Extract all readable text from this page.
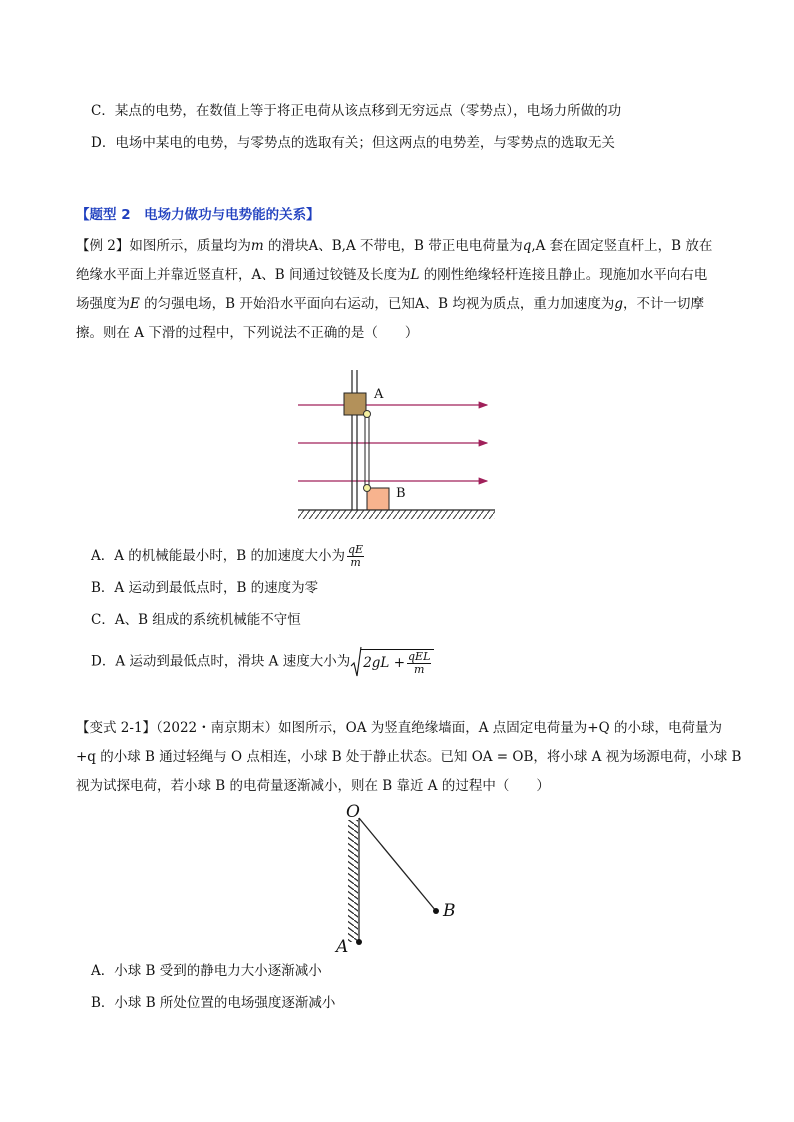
C．某点的电势，在数值上等于将正电荷从该点移到无穷远点（零势点），电场力所做的功
D．电场中某电的电势，与零势点的选取有关；但这两点的电势差，与零势点的选取无关
【题型 2　电场力做功与电势能的关系】
【例 2】如图所示，质量均为𝑚 的滑块A、B,A 不带电，B 带正电电荷量为𝑞,A 套在固定竖直杆上，B 放在
绝缘水平面上并靠近竖直杆，A、B 间通过铰链及长度为𝐿 的刚性绝缘轻杆连接且静止。现施加水平向右电
场强度为𝐸 的匀强电场，B 开始沿水平面向右运动，已知A、B 均视为质点，重力加速度为𝑔，不计一切摩
擦。则在 A 下滑的过程中，下列说法不正确的是（　　）
A
B
A．A 的机械能最小时，B 的加速度大小为 $\frac{qE}{m}$
B．A 运动到最低点时，B 的速度为零
C．A、B 组成的系统机械能不守恒
D．A 运动到最低点时，滑块 A 速度大小为 $2gL + \frac{\text{qEL}}{m}$
【变式 2-1】（2022・南京期末）如图所示，OA 为竖直绝缘墙面，A 点固定电荷量为+Q 的小球，电荷量为
+q 的小球 B 通过轻绳与 O 点相连，小球 B 处于静止状态。已知 OA = OB，将小球 A 视为场源电荷，小球 B
视为试探电荷，若小球 B 的电荷量逐渐减小，则在 B 靠近 A 的过程中（　　）
O
B
A
A．小球 B 受到的静电力大小逐渐减小
B．小球 B 所处位置的电场强度逐渐减小
